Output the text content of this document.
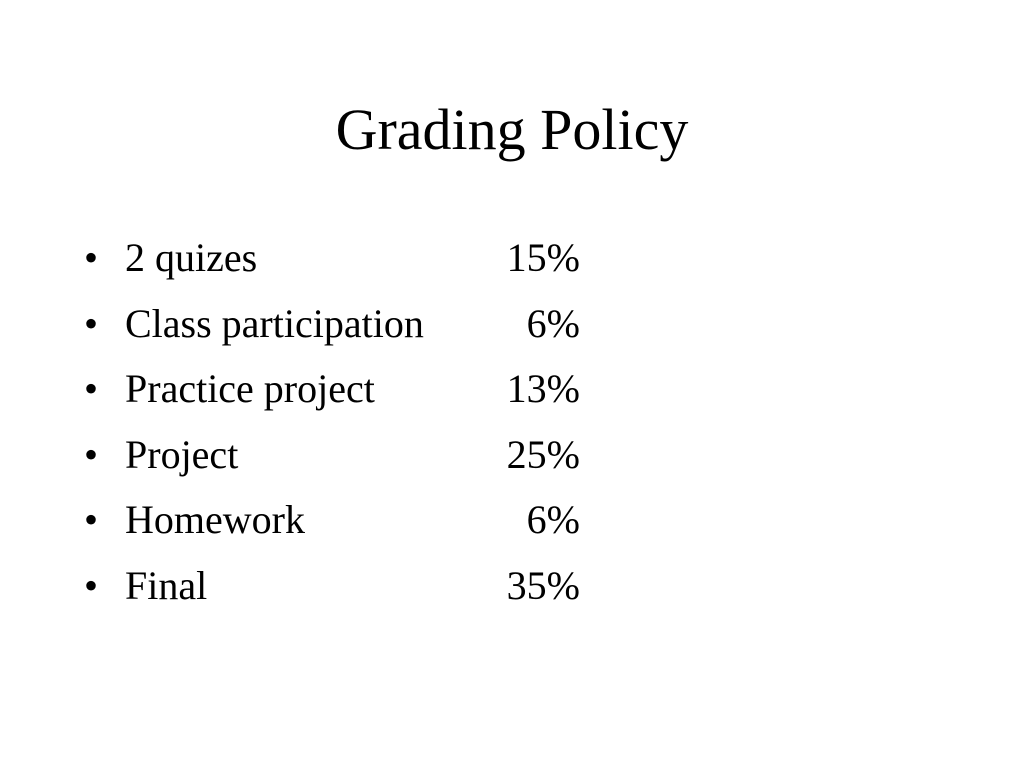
Grading Policy
• 2 quizes	15%
• Class participation	6%
• Practice project	13%
• Project	25%
• Homework	6%
• Final	35%
